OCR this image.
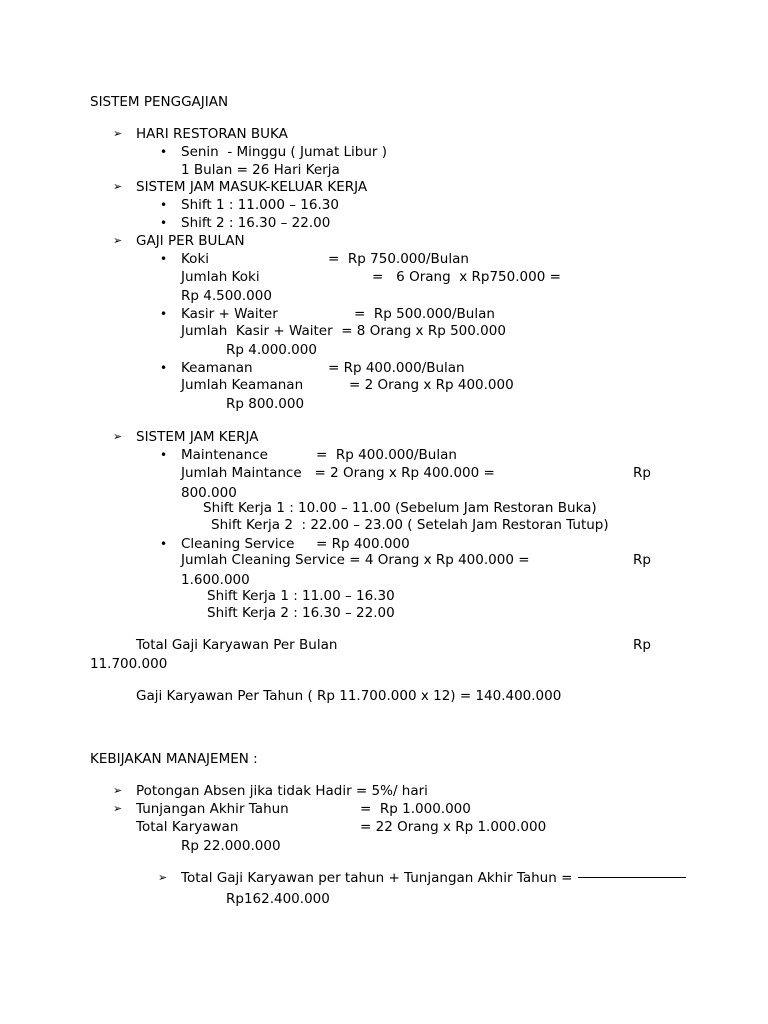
SISTEM PENGGAJIAN
➢ HARI RESTORAN BUKA
• Senin  - Minggu ( Jumat Libur )
1 Bulan = 26 Hari Kerja
➢ SISTEM JAM MASUK-KELUAR KERJA
• Shift 1 : 11.000 – 16.30
• Shift 2 : 16.30 – 22.00
➢ GAJI PER BULAN
• Koki	=  Rp 750.000/Bulan
Jumlah Koki	=   6 Orang  x Rp750.000 =
Rp 4.500.000
• Kasir + Waiter	=  Rp 500.000/Bulan
Jumlah  Kasir + Waiter  = 8 Orang x Rp 500.000
Rp 4.000.000
• Keamanan	= Rp 400.000/Bulan
Jumlah Keamanan	= 2 Orang x Rp 400.000
Rp 800.000
➢ SISTEM JAM KERJA
• Maintenance	=  Rp 400.000/Bulan
Jumlah Maintance   = 2 Orang x Rp 400.000 =	Rp
800.000
Shift Kerja 1 : 10.00 – 11.00 (Sebelum Jam Restoran Buka)
Shift Kerja 2  : 22.00 – 23.00 ( Setelah Jam Restoran Tutup)
• Cleaning Service = Rp 400.000
Jumlah Cleaning Service = 4 Orang x Rp 400.000 =	Rp
1.600.000
Shift Kerja 1 : 11.00 – 16.30
Shift Kerja 2 : 16.30 – 22.00
Total Gaji Karyawan Per Bulan	Rp
11.700.000
Gaji Karyawan Per Tahun ( Rp 11.700.000 x 12) = 140.400.000
KEBIJAKAN MANAJEMEN :
➢ Potongan Absen jika tidak Hadir = 5%/ hari
➢ Tunjangan Akhir Tahun	=  Rp 1.000.000
Total Karyawan	= 22 Orang x Rp 1.000.000
Rp 22.000.000
➢ Total Gaji Karyawan per tahun + Tunjangan Akhir Tahun =
Rp162.400.000
